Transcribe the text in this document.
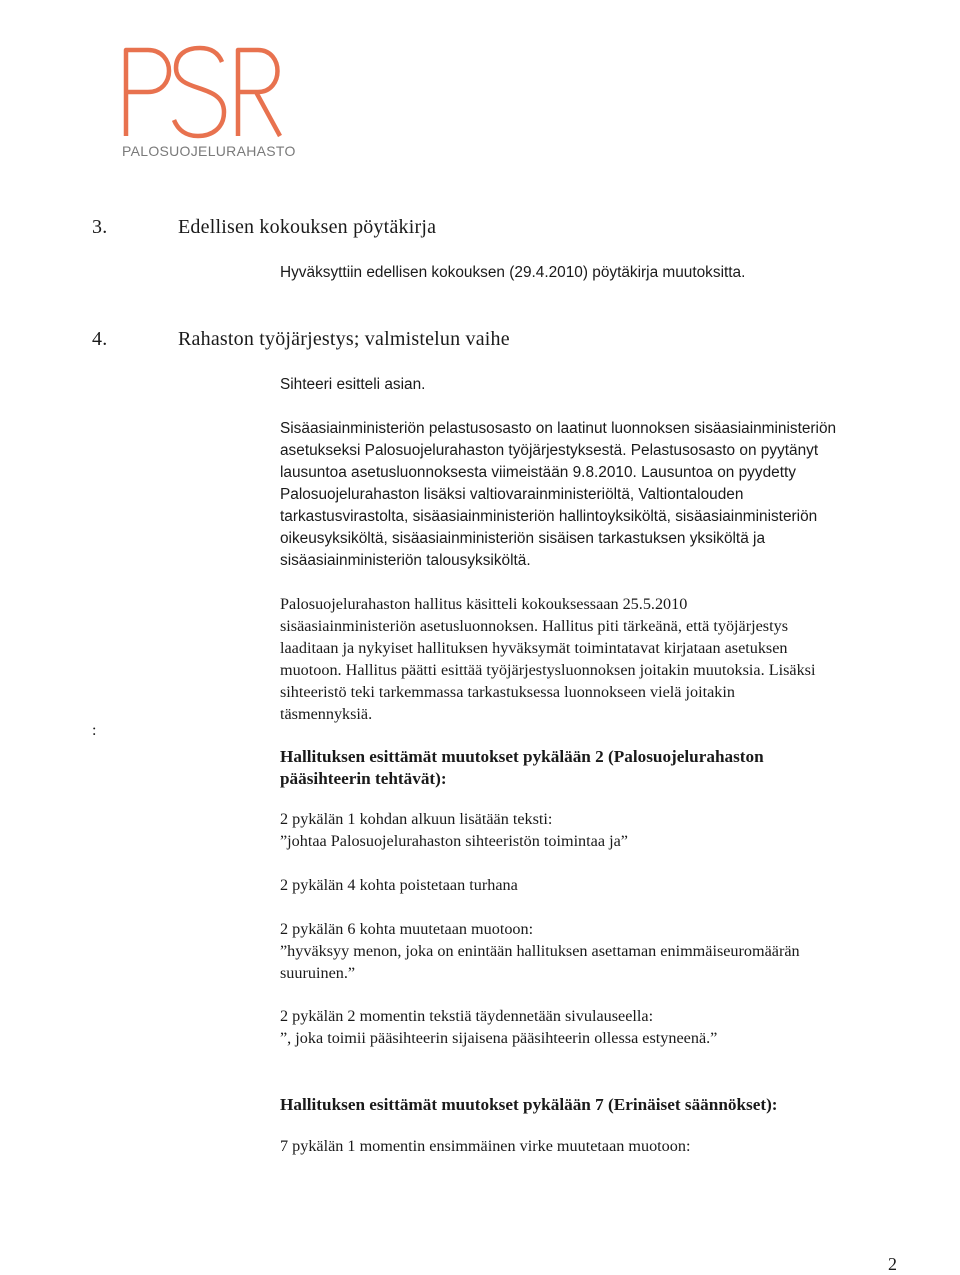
PALOSUOJELURAHASTO
3.	Edellisen kokouksen pöytäkirja

Hyväksyttiin edellisen kokouksen (29.4.2010) pöytäkirja muutoksitta.

4.	Rahaston työjärjestys; valmistelun vaihe

Sihteeri esitteli asian.

Sisäasiainministeriön pelastusosasto on laatinut luonnoksen sisäasiainministeriön
asetukseksi Palosuojelurahaston työjärjestyksestä. Pelastusosasto on pyytänyt
lausuntoa asetusluonnoksesta viimeistään 9.8.2010. Lausuntoa on pyydetty
Palosuojelurahaston lisäksi valtiovarainministeriöltä, Valtiontalouden
tarkastusvirastolta, sisäasiainministeriön hallintoyksiköltä, sisäasiainministeriön
oikeusyksiköltä, sisäasiainministeriön sisäisen tarkastuksen yksiköltä ja
sisäasiainministeriön talousyksiköltä.

Palosuojelurahaston hallitus käsitteli kokouksessaan 25.5.2010
sisäasiainministeriön asetusluonnoksen. Hallitus piti tärkeänä, että työjärjestys
laaditaan ja nykyiset hallituksen hyväksymät toimintatavat kirjataan asetuksen
muotoon. Hallitus päätti esittää työjärjestysluonnoksen joitakin muutoksia. Lisäksi
sihteeristö teki tarkemmassa tarkastuksessa luonnokseen vielä joitakin
täsmennyksiä.

:

Hallituksen esittämät muutokset pykälään 2 (Palosuojelurahaston
pääsihteerin tehtävät):

2 pykälän 1 kohdan alkuun lisätään teksti:
”johtaa Palosuojelurahaston sihteeristön toimintaa ja”

2 pykälän 4 kohta poistetaan turhana

2 pykälän 6 kohta muutetaan muotoon:
”hyväksyy menon, joka on enintään hallituksen asettaman enimmäiseuromäärän
suuruinen.”

2 pykälän 2 momentin tekstiä täydennetään sivulauseella:
”, joka toimii pääsihteerin sijaisena pääsihteerin ollessa estyneenä.”

Hallituksen esittämät muutokset pykälään 7 (Erinäiset säännökset):

7 pykälän 1 momentin ensimmäinen virke muutetaan muotoon:

2
